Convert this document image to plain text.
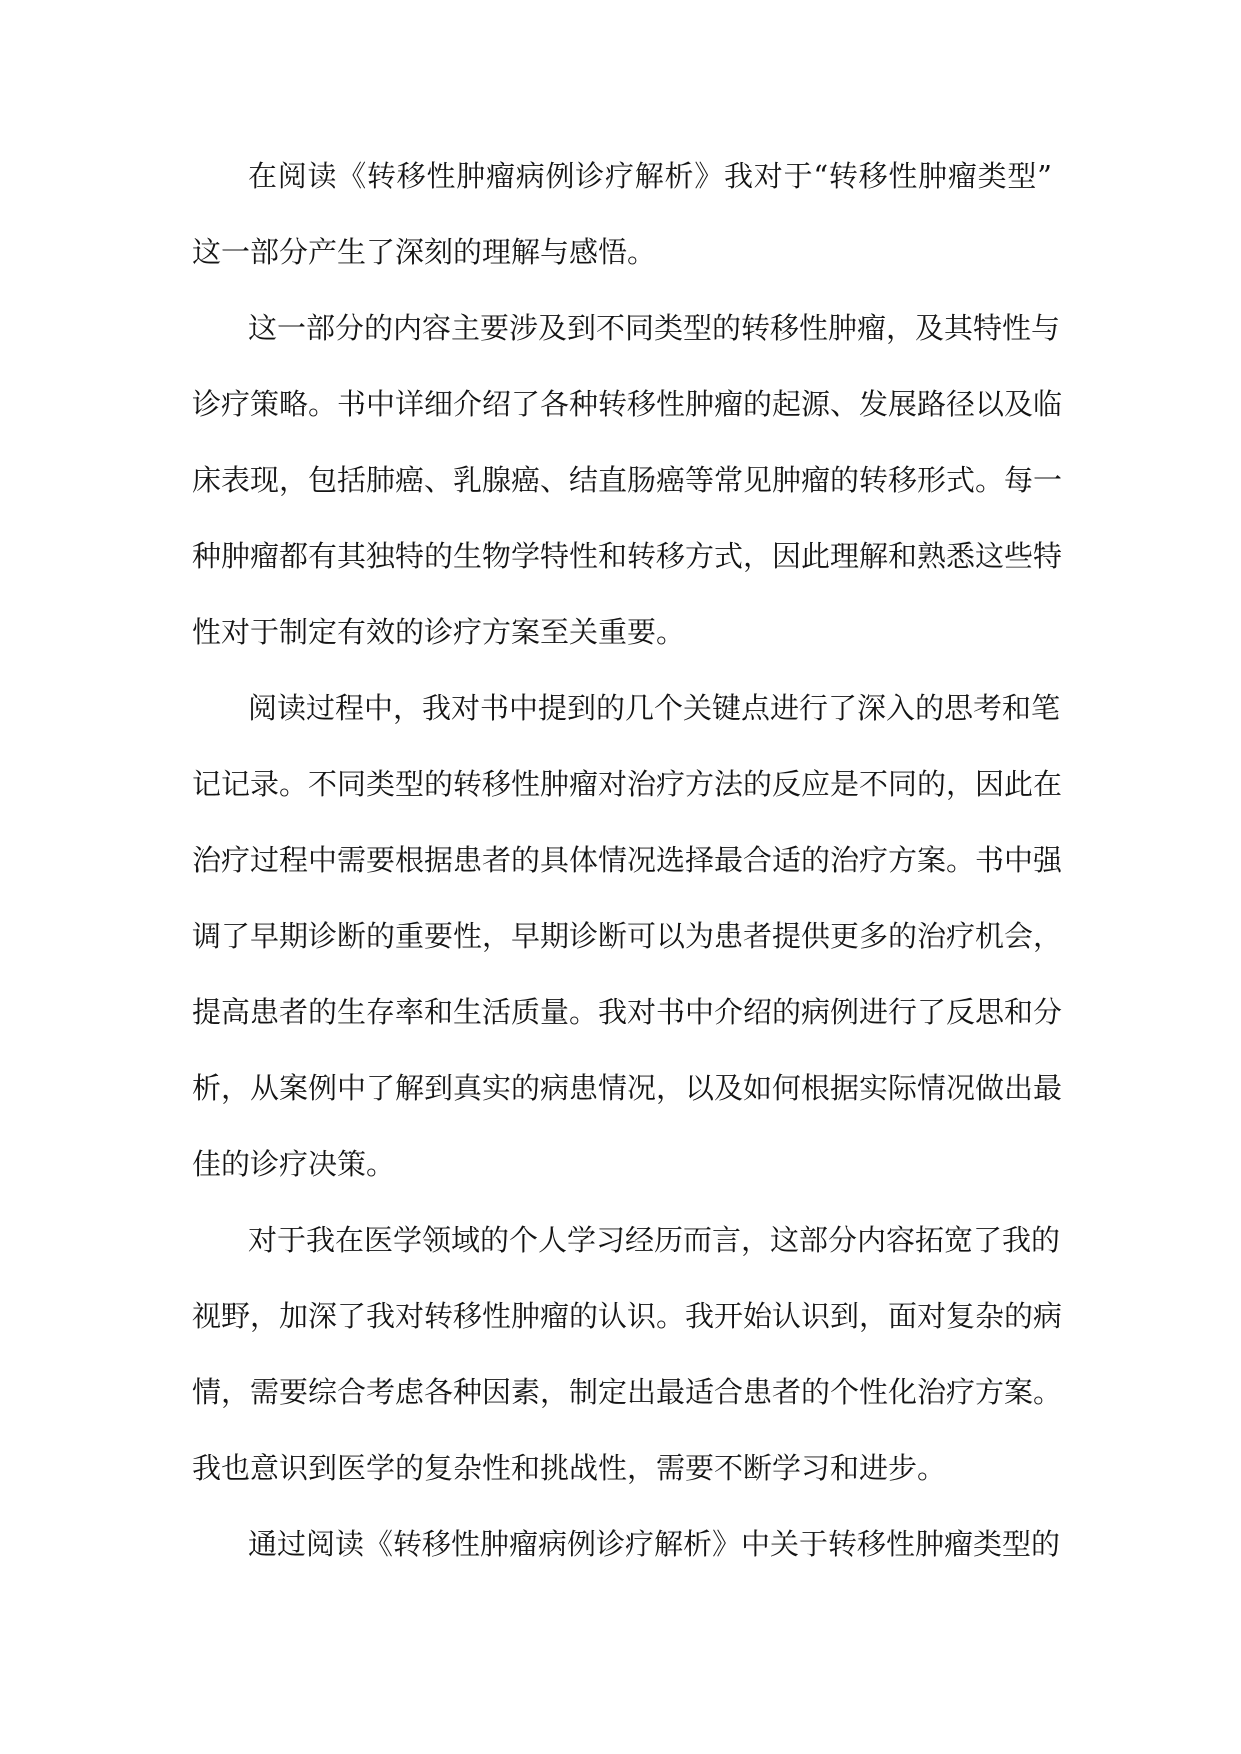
在阅读《转移性肿瘤病例诊疗解析》我对于“转移性肿瘤类型”
这一部分产生了深刻的理解与感悟。
这一部分的内容主要涉及到不同类型的转移性肿瘤，及其特性与
诊疗策略。书中详细介绍了各种转移性肿瘤的起源、发展路径以及临
床表现，包括肺癌、乳腺癌、结直肠癌等常见肿瘤的转移形式。每一
种肿瘤都有其独特的生物学特性和转移方式，因此理解和熟悉这些特
性对于制定有效的诊疗方案至关重要。
阅读过程中，我对书中提到的几个关键点进行了深入的思考和笔
记记录。不同类型的转移性肿瘤对治疗方法的反应是不同的，因此在
治疗过程中需要根据患者的具体情况选择最合适的治疗方案。书中强
调了早期诊断的重要性，早期诊断可以为患者提供更多的治疗机会，
提高患者的生存率和生活质量。我对书中介绍的病例进行了反思和分
析，从案例中了解到真实的病患情况，以及如何根据实际情况做出最
佳的诊疗决策。
对于我在医学领域的个人学习经历而言，这部分内容拓宽了我的
视野，加深了我对转移性肿瘤的认识。我开始认识到，面对复杂的病
情，需要综合考虑各种因素，制定出最适合患者的个性化治疗方案。
我也意识到医学的复杂性和挑战性，需要不断学习和进步。
通过阅读《转移性肿瘤病例诊疗解析》中关于转移性肿瘤类型的
